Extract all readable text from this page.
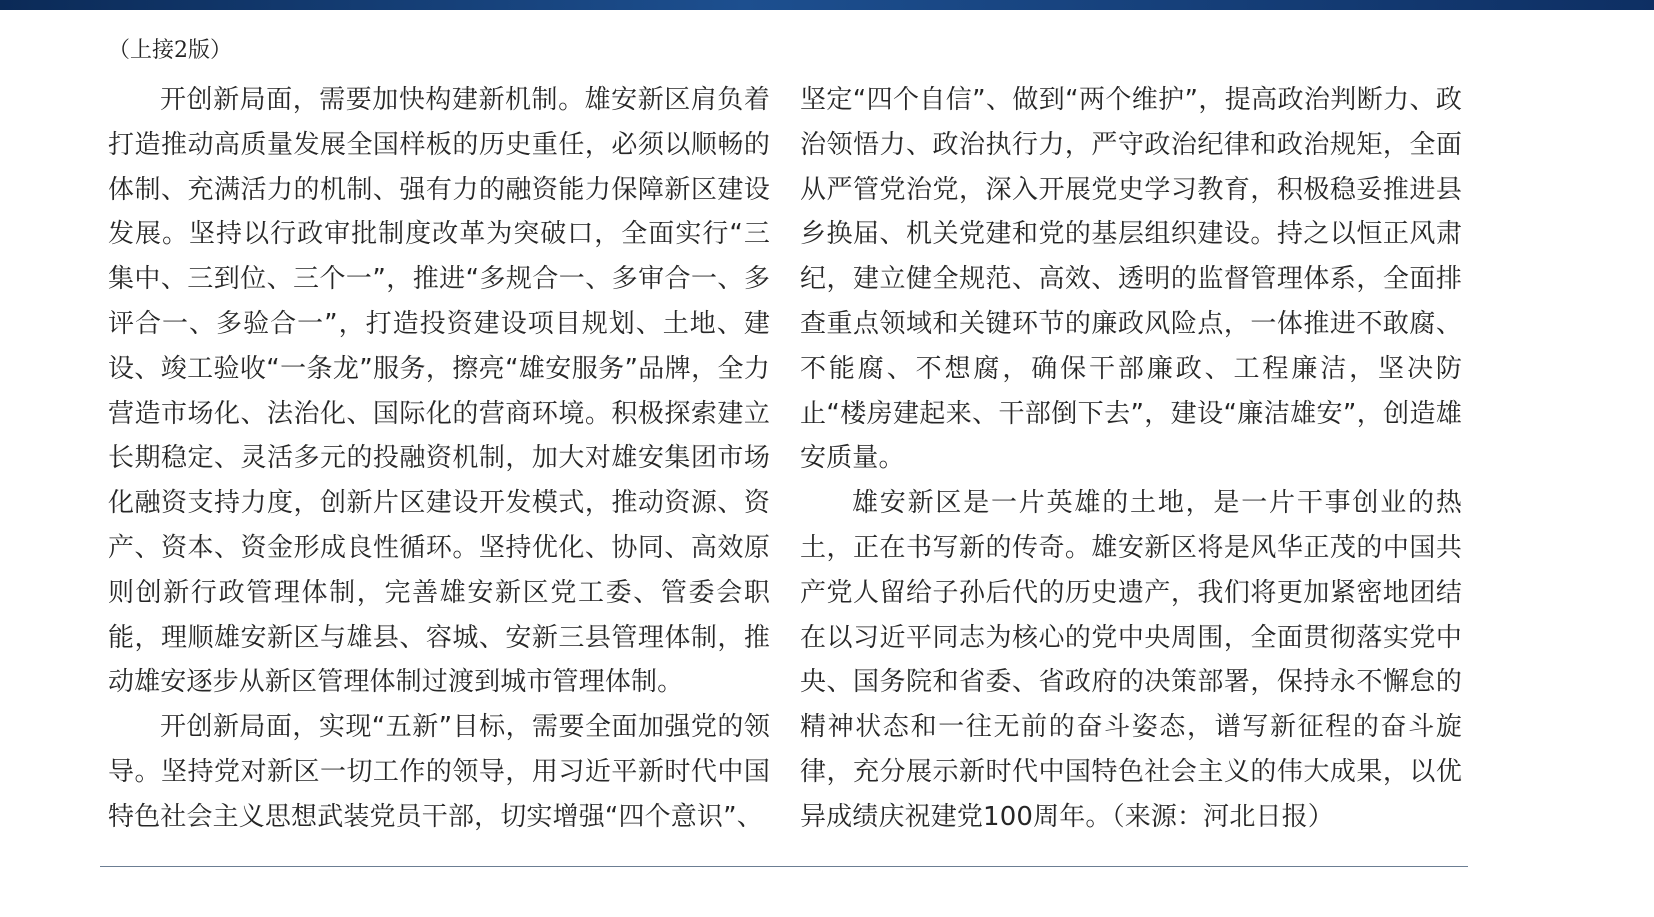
（上接2版）

开创新局面，需要加快构建新机制。雄安新区肩负着打造推动高质量发展全国样板的历史重任，必须以顺畅的体制、充满活力的机制、强有力的融资能力保障新区建设发展。坚持以行政审批制度改革为突破口，全面实行“三集中、三到位、三个一”，推进“多规合一、多审合一、多评合一、多验合一”，打造投资建设项目规划、土地、建设、竣工验收“一条龙”服务，擦亮“雄安服务”品牌，全力营造市场化、法治化、国际化的营商环境。积极探索建立长期稳定、灵活多元的投融资机制，加大对雄安集团市场化融资支持力度，创新片区建设开发模式，推动资源、资产、资本、资金形成良性循环。坚持优化、协同、高效原则创新行政管理体制，完善雄安新区党工委、管委会职能，理顺雄安新区与雄县、容城、安新三县管理体制，推动雄安逐步从新区管理体制过渡到城市管理体制。

开创新局面，实现“五新”目标，需要全面加强党的领导。坚持党对新区一切工作的领导，用习近平新时代中国特色社会主义思想武装党员干部，切实增强“四个意识”、

坚定“四个自信”、做到“两个维护”，提高政治判断力、政治领悟力、政治执行力，严守政治纪律和政治规矩，全面从严管党治党，深入开展党史学习教育，积极稳妥推进县乡换届、机关党建和党的基层组织建设。持之以恒正风肃纪，建立健全规范、高效、透明的监督管理体系，全面排查重点领域和关键环节的廉政风险点，一体推进不敢腐、不能腐、不想腐，确保干部廉政、工程廉洁，坚决防止“楼房建起来、干部倒下去”，建设“廉洁雄安”，创造雄安质量。

雄安新区是一片英雄的土地，是一片干事创业的热土，正在书写新的传奇。雄安新区将是风华正茂的中国共产党人留给子孙后代的历史遗产，我们将更加紧密地团结在以习近平同志为核心的党中央周围，全面贯彻落实党中央、国务院和省委、省政府的决策部署，保持永不懈怠的精神状态和一往无前的奋斗姿态，谱写新征程的奋斗旋律，充分展示新时代中国特色社会主义的伟大成果，以优异成绩庆祝建党100周年。（来源：河北日报）
